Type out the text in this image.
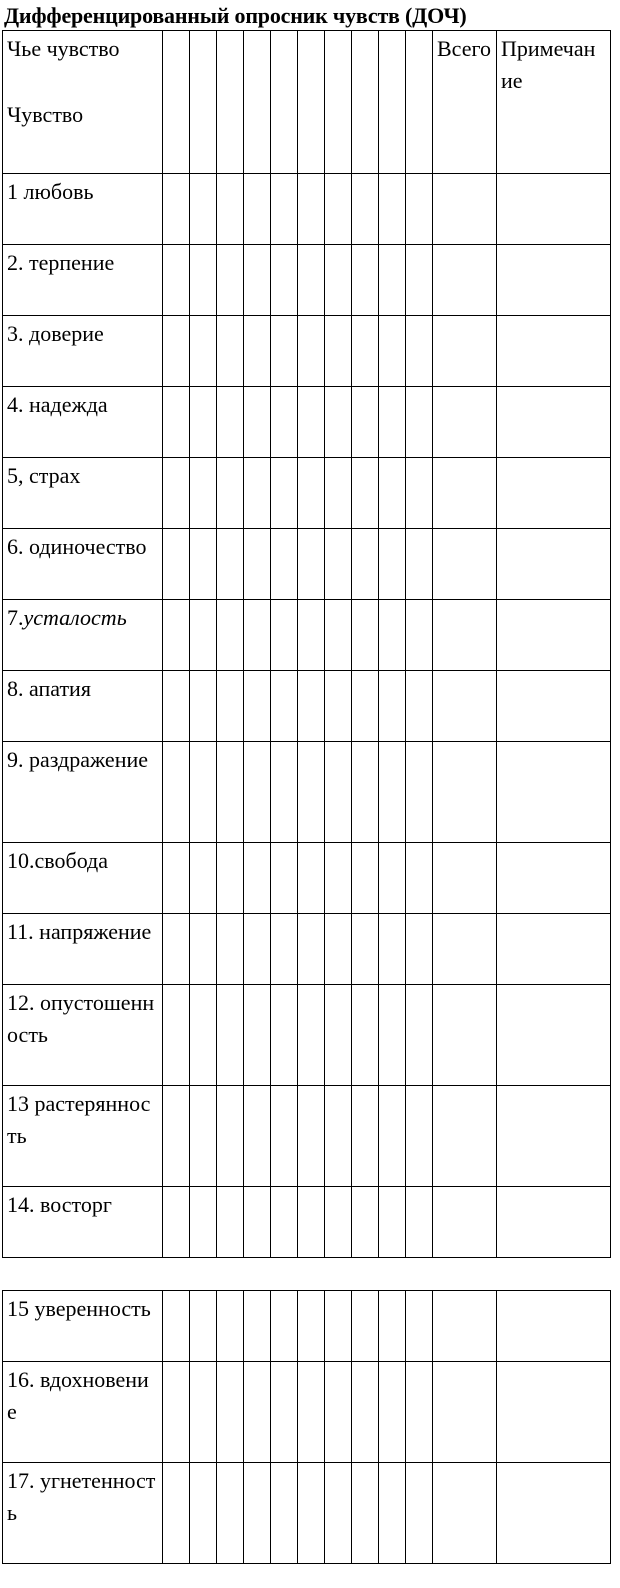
Дифференцированный опросник чувств (ДОЧ)
Чье чувство
Чувство											Всего	Примечание
1 любовь												
2. терпение												
3. доверие												
4. надежда												
5, страх												
6. одиночество												
7.усталость												
8. апатия												
9. раздражение												
10.свобода												
11. напряжение												
12. опустошенность												
13 растерянность												
14. восторг												
15 уверенность												
16. вдохновение												
17. угнетенность												
